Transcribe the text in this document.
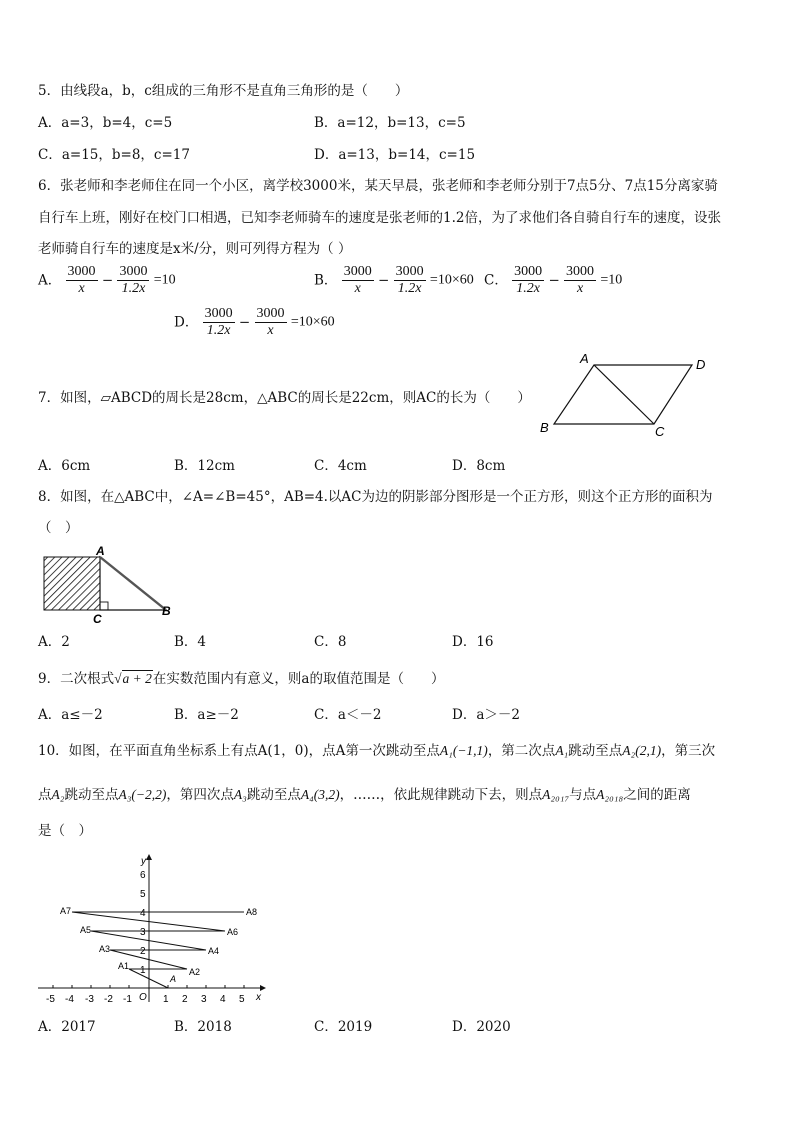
5．由线段a，b，c组成的三角形不是直角三角形的是（　　）
A．a=3，b=4，c=5	B．a=12，b=13，c=5
C．a=15，b=8，c=17	D．a=13，b=14，c=15
6．张老师和李老师住在同一个小区，离学校3000米，某天早晨，张老师和李老师分别于7点5分、7点15分离家骑
自行车上班，刚好在校门口相遇，已知李老师骑车的速度是张老师的1.2倍，为了求他们各自骑自行车的速度，设张
老师骑自行车的速度是x米/分，则可列得方程为（ ）
A． $\frac{3000}{x} - \frac{3000}{1.2x} =10$	B． $\frac{3000}{x} - \frac{3000}{1.2x} =10\times 60$ C． $\frac{3000}{1.2x} - \frac{3000}{x} =10$
D． $\frac{3000}{1.2x} - \frac{3000}{x} =10\times 60$
7．如图，▱ABCD的周长是28cm，△ABC的周长是22cm，则AC的长为（　　）
A	D
B	C
A．6cm	B．12cm	C．4cm	D．8cm
8．如图，在△ABC中，∠A=∠B=45°，AB=4.以AC为边的阴影部分图形是一个正方形，则这个正方形的面积为
（　）
A
C
B
A．2	B．4	C．8	D．16
9．二次根式√a + 2在实数范围内有意义，则a的取值范围是（　　）
A．a≤－2	B．a≥－2	C．a＜－2	D．a＞－2
10．如图，在平面直角坐标系上有点A(1，0)，点A第一次跳动至点A₁(−1,1)，第二次点A₁跳动至点A₂(2,1)，第三次
点A₂跳动至点A₃(−2,2)，第四次点A₃跳动至点A₄(3,2)，……，依此规律跳动下去，则点A₂₀₁₇与点A₂₀₁₈之间的距离
是（　）
x
y
-5 -4 -3 -2 -1 O 1 2 3 4 5
1
2
3
4
5
6
A
A1
A2
A3	A4
A5	A6
A7	A8
A．2017	B．2018	C．2019	D．2020
